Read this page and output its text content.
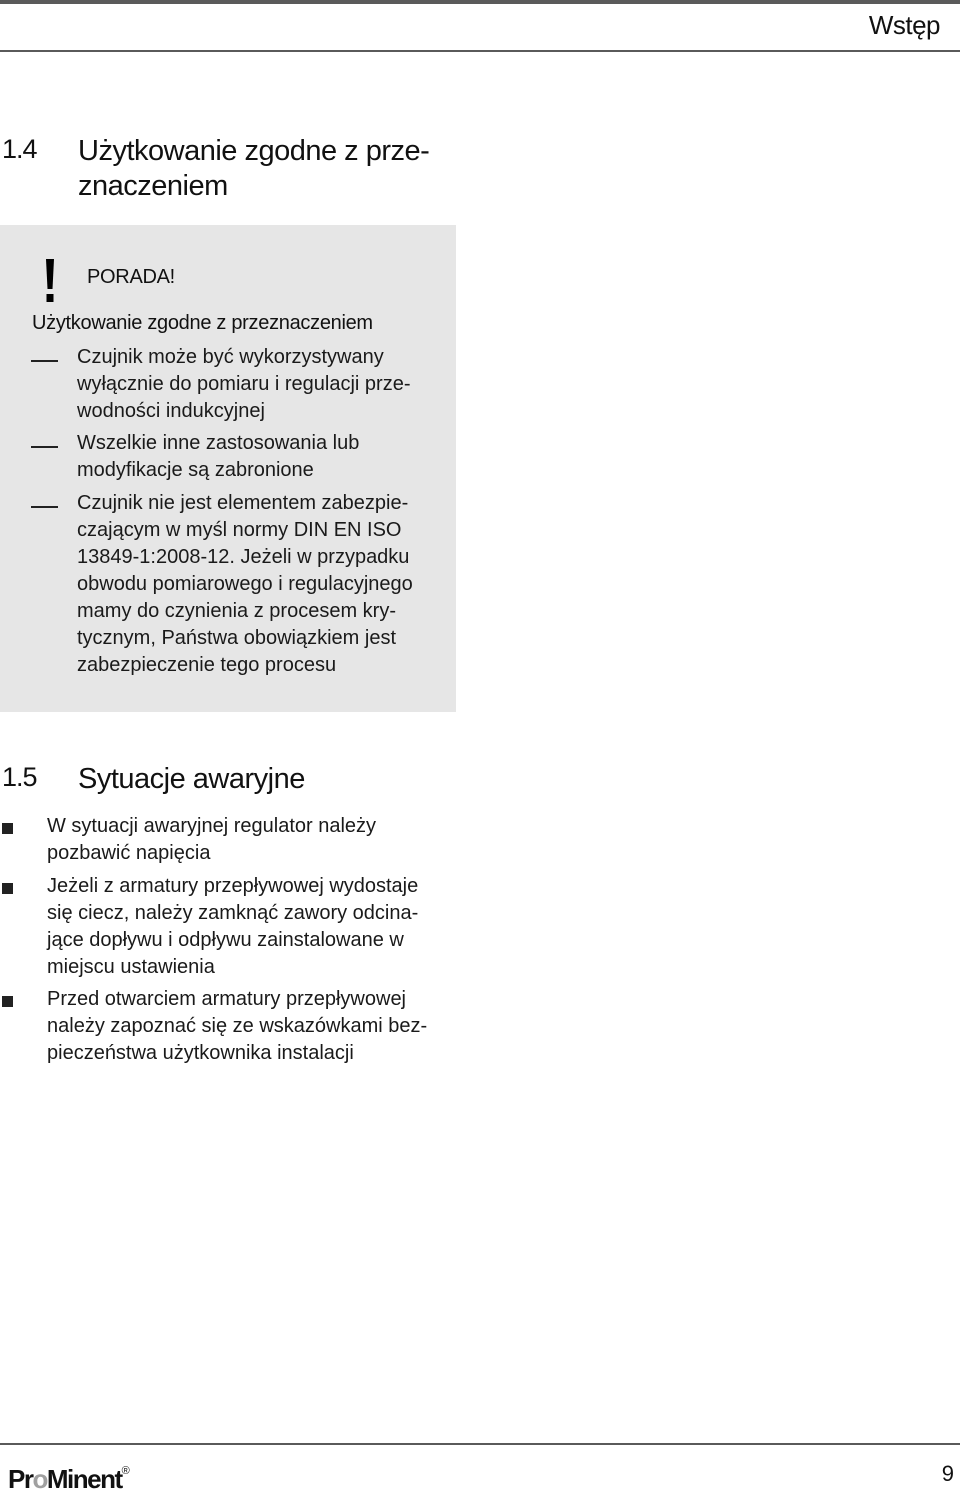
Wstęp
1.4 Użytkowanie zgodne z prze-
znaczeniem
PORADA!
Użytkowanie zgodne z przeznaczeniem
Czujnik może być wykorzystywany
wyłącznie do pomiaru i regulacji prze-
wodności indukcyjnej
Wszelkie inne zastosowania lub
modyfikacje są zabronione
Czujnik nie jest elementem zabezpie-
czającym w myśl normy DIN EN ISO
13849-1:2008-12. Jeżeli w przypadku
obwodu pomiarowego i regulacyjnego
mamy do czynienia z procesem kry-
tycznym, Państwa obowiązkiem jest
zabezpieczenie tego procesu
1.5 Sytuacje awaryjne
W sytuacji awaryjnej regulator należy
pozbawić napięcia
Jeżeli z armatury przepływowej wydostaje
się ciecz, należy zamknąć zawory odcina-
jące dopływu i odpływu zainstalowane w
miejscu ustawienia
Przed otwarciem armatury przepływowej
należy zapoznać się ze wskazówkami bez-
pieczeństwa użytkownika instalacji
ProMinent®	9
